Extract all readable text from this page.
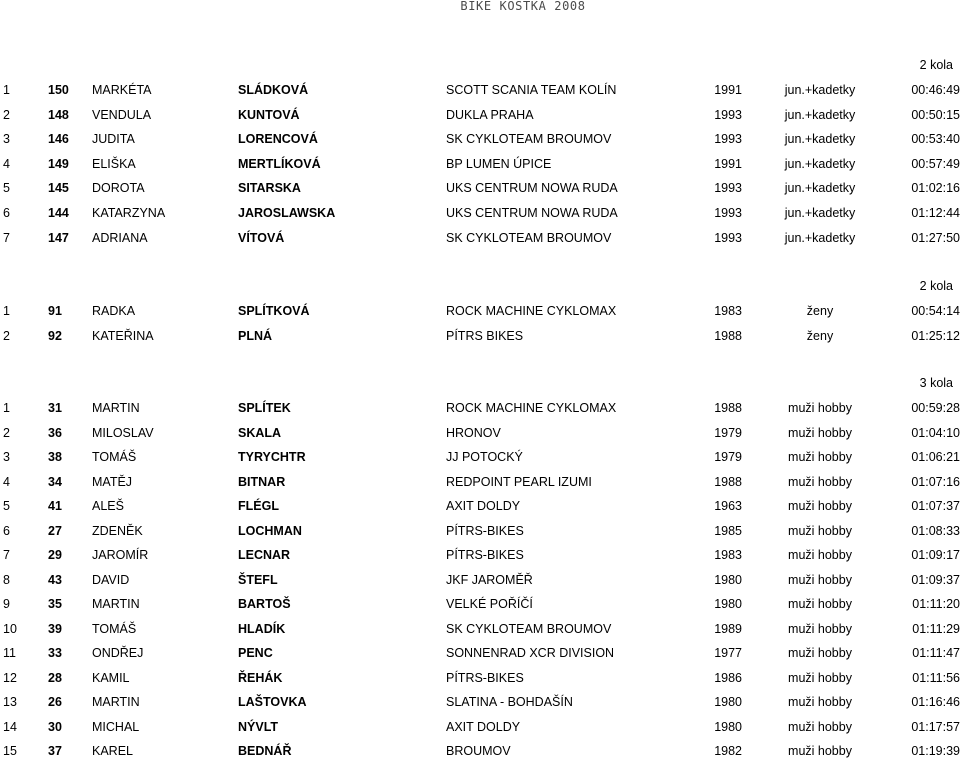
BIKE KOSTKA 2008
2 kola
1	150 MARKÉTA	SLÁDKOVÁ	SCOTT SCANIA TEAM KOLÍN	1991	jun.+kadetky	00:46:49
2	148 VENDULA	KUNTOVÁ	DUKLA PRAHA	1993	jun.+kadetky	00:50:15
3	146 JUDITA	LORENCOVÁ	SK CYKLOTEAM BROUMOV	1993	jun.+kadetky	00:53:40
4	149 ELIŠKA	MERTLÍKOVÁ	BP LUMEN ÚPICE	1991	jun.+kadetky	00:57:49
5	145 DOROTA	SITARSKA	UKS CENTRUM NOWA RUDA	1993	jun.+kadetky	01:02:16
6	144 KATARZYNA	JAROSLAWSKA	UKS CENTRUM NOWA RUDA	1993	jun.+kadetky	01:12:44
7	147 ADRIANA	VÍTOVÁ	SK CYKLOTEAM BROUMOV	1993	jun.+kadetky	01:27:50
2 kola
1	91 RADKA	SPLÍTKOVÁ	ROCK MACHINE CYKLOMAX	1983	ženy	00:54:14
2	92 KATEŘINA	PLNÁ	PÍTRS BIKES	1988	ženy	01:25:12
3 kola
1	31 MARTIN	SPLÍTEK	ROCK MACHINE CYKLOMAX	1988	muži hobby	00:59:28
2	36 MILOSLAV	SKALA	HRONOV	1979	muži hobby	01:04:10
3	38 TOMÁŠ	TYRYCHTR	JJ POTOCKÝ	1979	muži hobby	01:06:21
4	34 MATĚJ	BITNAR	REDPOINT PEARL IZUMI	1988	muži hobby	01:07:16
5	41 ALEŠ	FLÉGL	AXIT DOLDY	1963	muži hobby	01:07:37
6	27 ZDENĚK	LOCHMAN	PÍTRS-BIKES	1985	muži hobby	01:08:33
7	29 JAROMÍR	LECNAR	PÍTRS-BIKES	1983	muži hobby	01:09:17
8	43 DAVID	ŠTEFL	JKF JAROMĚŘ	1980	muži hobby	01:09:37
9	35 MARTIN	BARTOŠ	VELKÉ POŘÍČÍ	1980	muži hobby	01:11:20
10 39 TOMÁŠ	HLADÍK	SK CYKLOTEAM BROUMOV	1989	muži hobby	01:11:29
11	33 ONDŘEJ	PENC	SONNENRAD XCR DIVISION	1977	muži hobby	01:11:47
12 28 KAMIL	ŘEHÁK	PÍTRS-BIKES	1986	muži hobby	01:11:56
13 26 MARTIN	LAŠTOVKA	SLATINA - BOHDAŠÍN	1980	muži hobby	01:16:46
14 30 MICHAL	NÝVLT	AXIT DOLDY	1980	muži hobby	01:17:57
15 37 KAREL	BEDNÁŘ	BROUMOV	1982	muži hobby	01:19:39
